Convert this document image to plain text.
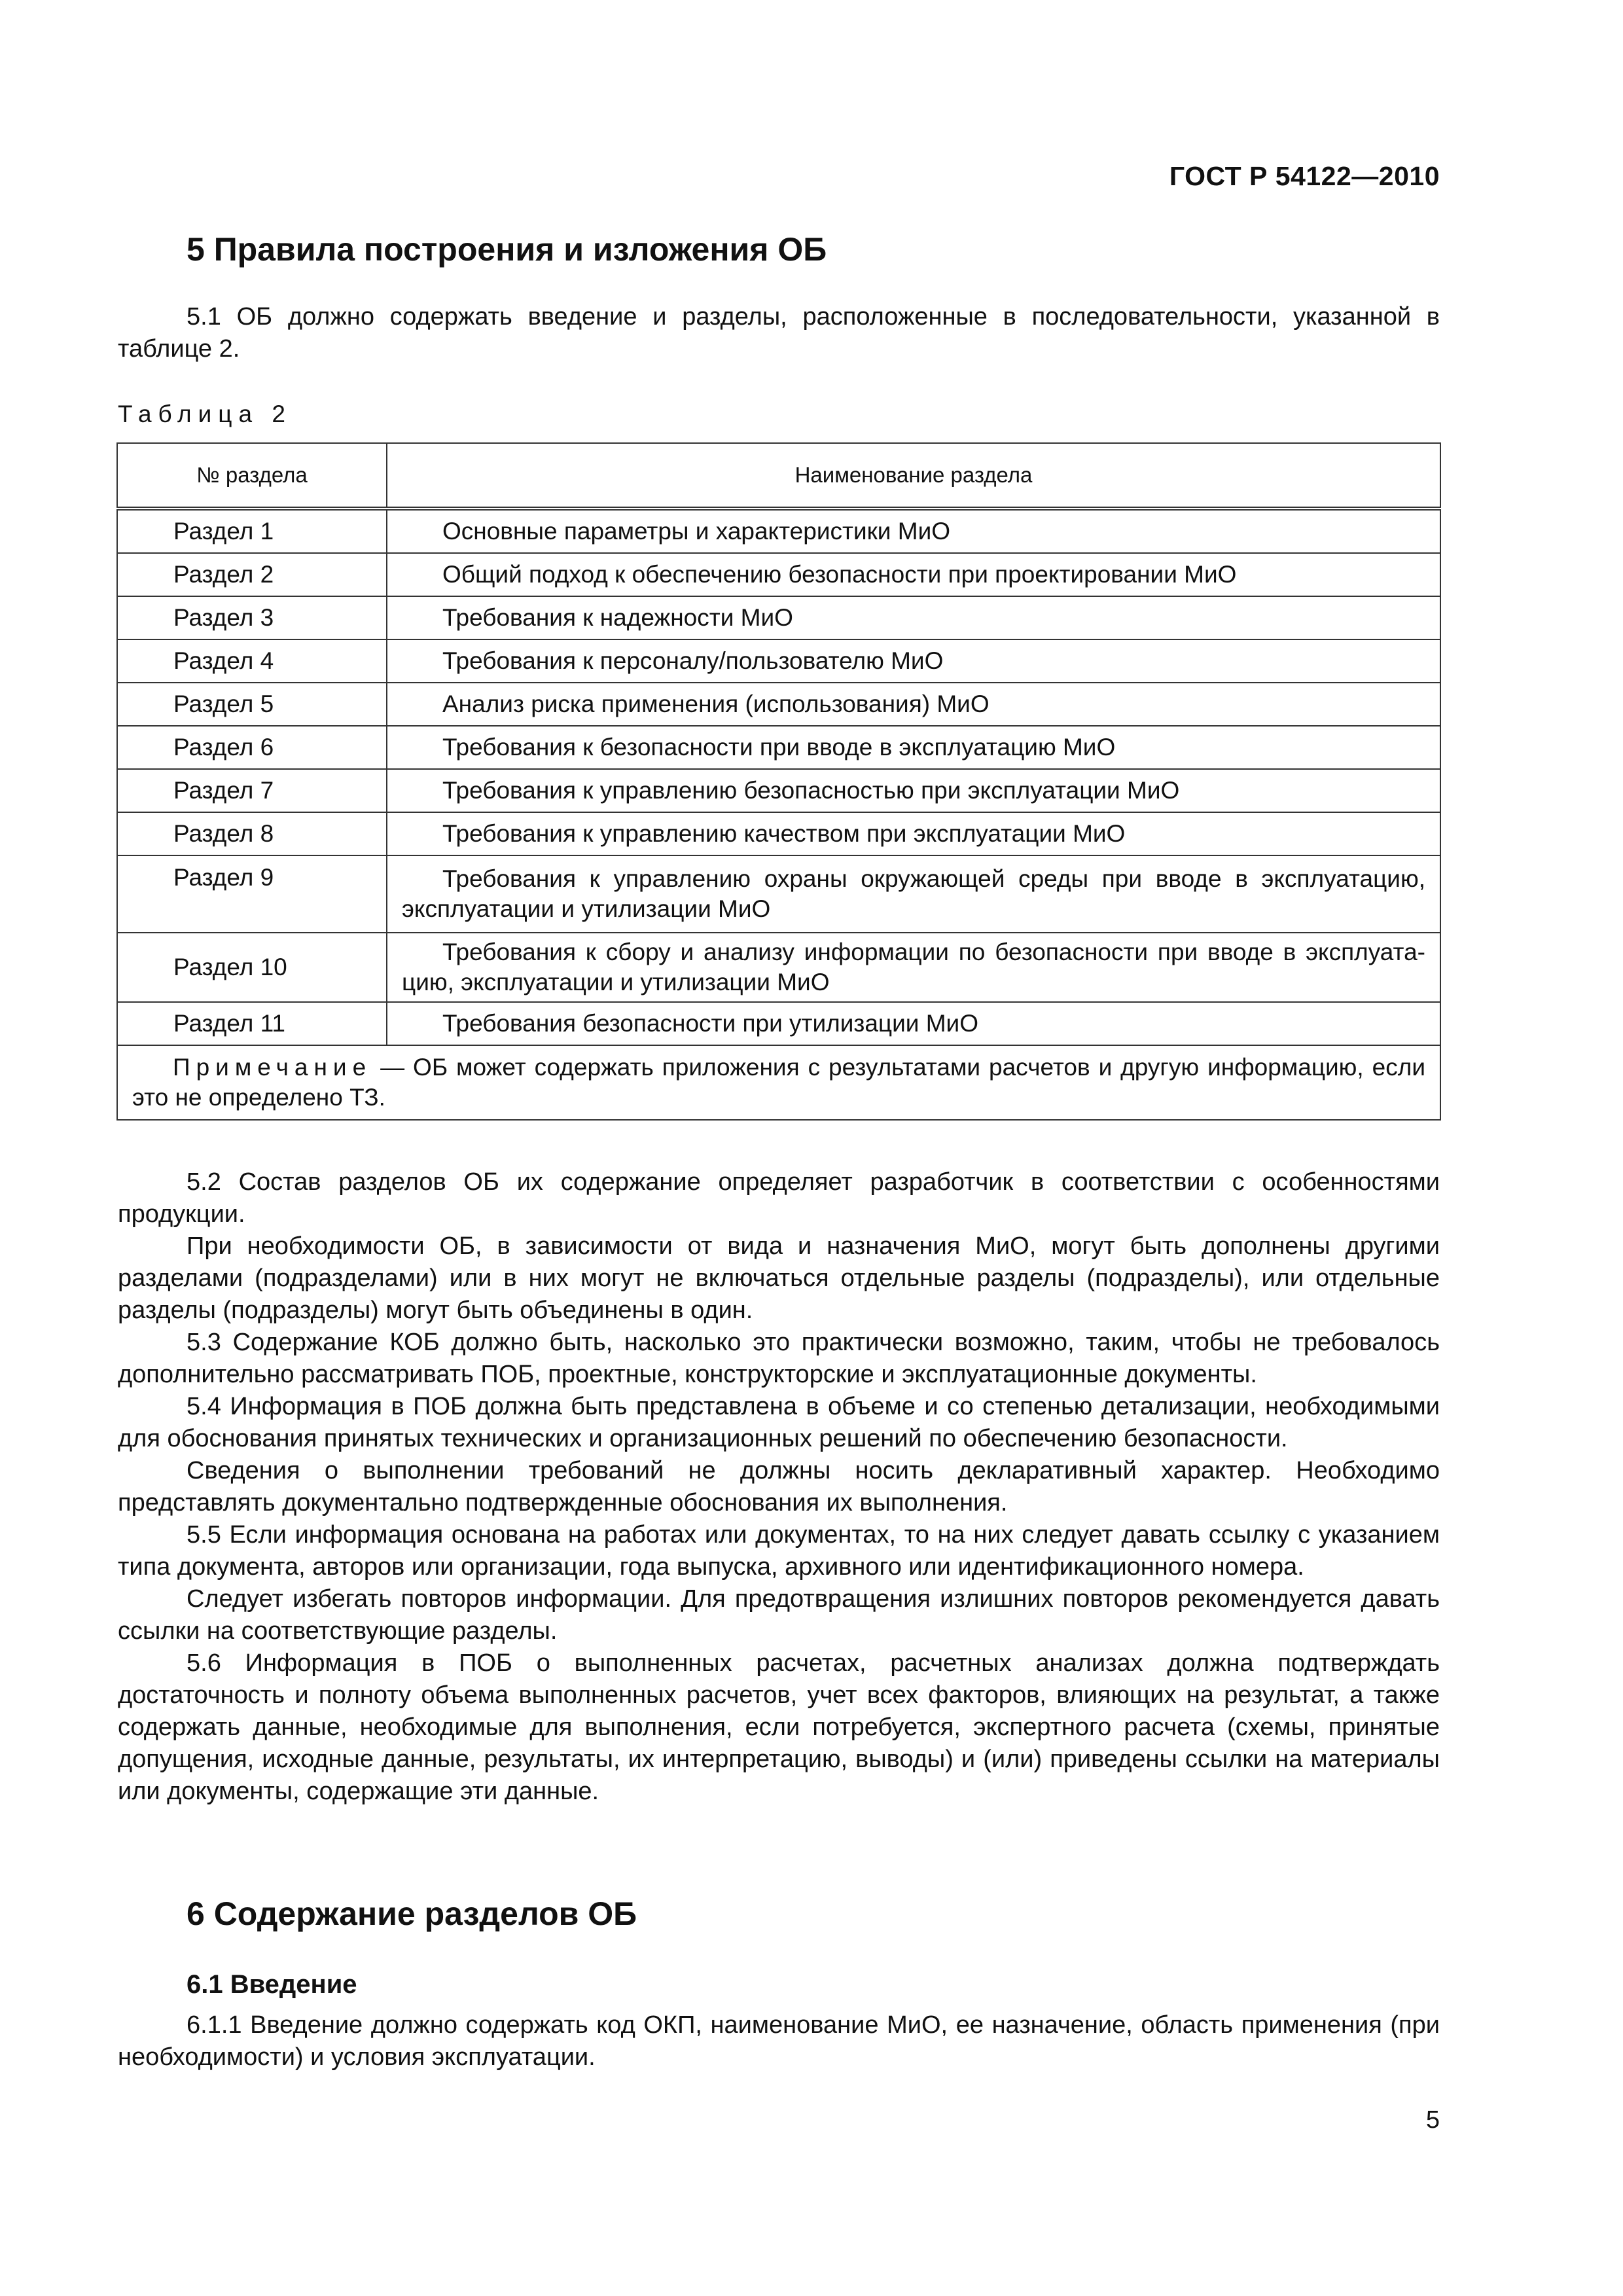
ГОСТ Р 54122—2010
5 Правила построения и изложения ОБ

5.1 ОБ должно содержать введение и разделы, расположенные в последовательности, указанной в таблице 2.

Таблица 2
№ раздела	Наименование раздела
Раздел 1	Основные параметры и характеристики МиО
Раздел 2	Общий подход к обеспечению безопасности при проектировании МиО
Раздел 3	Требования к надежности МиО
Раздел 4	Требования к персоналу/пользователю МиО
Раздел 5	Анализ риска применения (использования) МиО
Раздел 6	Требования к безопасности при вводе в эксплуатацию МиО
Раздел 7	Требования к управлению безопасностью при эксплуатации МиО
Раздел 8	Требования к управлению качеством при эксплуатации МиО
Раздел 9	Требования к управлению охраны окружающей среды при вводе в эксплуатацию, эксплуатации и утилизации МиО
Раздел 10	Требования к сбору и анализу информации по безопасности при вводе в эксплуата-цию, эксплуатации и утилизации МиО
Раздел 11	Требования безопасности при утилизации МиО
Примечание — ОБ может содержать приложения с результатами расчетов и другую информацию, если это не определено ТЗ.	

5.2 Состав разделов ОБ их содержание определяет разработчик в соответствии с особенностями продукции.

При необходимости ОБ, в зависимости от вида и назначения МиО, могут быть дополнены другими разделами (подразделами) или в них могут не включаться отдельные разделы (подразделы), или отдельные разделы (подразделы) могут быть объединены в один.

5.3 Содержание КОБ должно быть, насколько это практически возможно, таким, чтобы не требовалось дополнительно рассматривать ПОБ, проектные, конструкторские и эксплуатационные документы.

5.4 Информация в ПОБ должна быть представлена в объеме и со степенью детализации, необходимыми для обоснования принятых технических и организационных решений по обеспечению безопасности.

Сведения о выполнении требований не должны носить декларативный характер. Необходимо представлять документально подтвержденные обоснования их выполнения.

5.5 Если информация основана на работах или документах, то на них следует давать ссылку с указанием типа документа, авторов или организации, года выпуска, архивного или идентификационного номера.

Следует избегать повторов информации. Для предотвращения излишних повторов рекомендуется давать ссылки на соответствующие разделы.

5.6 Информация в ПОБ о выполненных расчетах, расчетных анализах должна подтверждать достаточность и полноту объема выполненных расчетов, учет всех факторов, влияющих на результат, а также содержать данные, необходимые для выполнения, если потребуется, экспертного расчета (схемы, принятые допущения, исходные данные, результаты, их интерпретацию, выводы) и (или) приведены ссылки на материалы или документы, содержащие эти данные.

6 Содержание разделов ОБ
6.1 Введение

6.1.1 Введение должно содержать код ОКП, наименование МиО, ее назначение, область применения (при необходимости) и условия эксплуатации.

5
